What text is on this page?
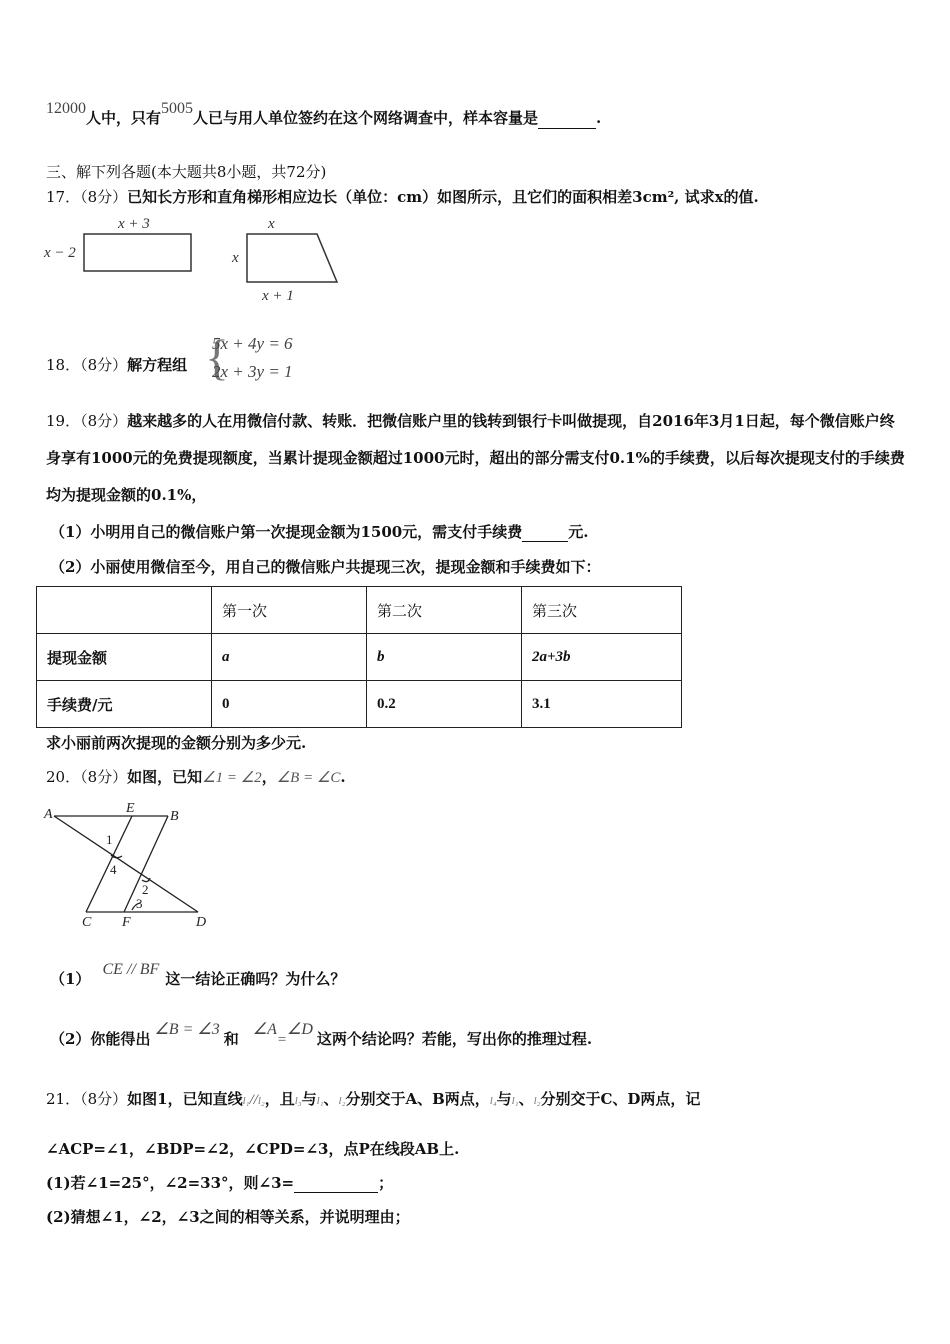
12000人中，只有5005人已与用人单位签约在这个网络调查中，样本容量是	.
三、解下列各题(本大题共8小题，共72分)
17．（8分）已知长方形和直角梯形相应边长（单位：cm）如图所示，且它们的面积相差3cm², 试求x的值.
x + 3
x − 2
x
x
x + 1
18．（8分）解方程组 {
5x + 4y = 6
2x + 3y = 1
19．（8分）越来越多的人在用微信付款、转账．把微信账户里的钱转到银行卡叫做提现，自2016年3月1日起，每个微信账户终身享有1000元的免费提现额度，当累计提现金额超过1000元时，超出的部分需支付0.1%的手续费，以后每次提现支付的手续费均为提现金额的0.1%，
（1）小明用自己的微信账户第一次提现金额为1500元，需支付手续费	元.
（2）小丽使用微信至今，用自己的微信账户共提现三次，提现金额和手续费如下：
	第一次	第二次	第三次
提现金额	a	b	2a+3b
手续费/元	0	0.2	3.1
求小丽前两次提现的金额分别为多少元.
20．（8分）如图，已知∠1 = ∠2，∠B = ∠C.
A	E
B
C F	D
1
4
2
3
（1）CE // BF这一结论正确吗？为什么？
（2）你能得出∠B = ∠3和∠A=∠D这两个结论吗？若能，写出你的推理过程.
21．（8分）如图1，已知直线l₁//l₂，且l₃与l₁、l₂分别交于A、B两点，l₄与l₁、l₂分别交于C、D两点，记
∠ACP=∠1，∠BDP=∠2，∠CPD=∠3，点P在线段AB上.
(1)若∠1=25°，∠2=33°，则∠3=	；
(2)猜想∠1，∠2，∠3之间的相等关系，并说明理由；
